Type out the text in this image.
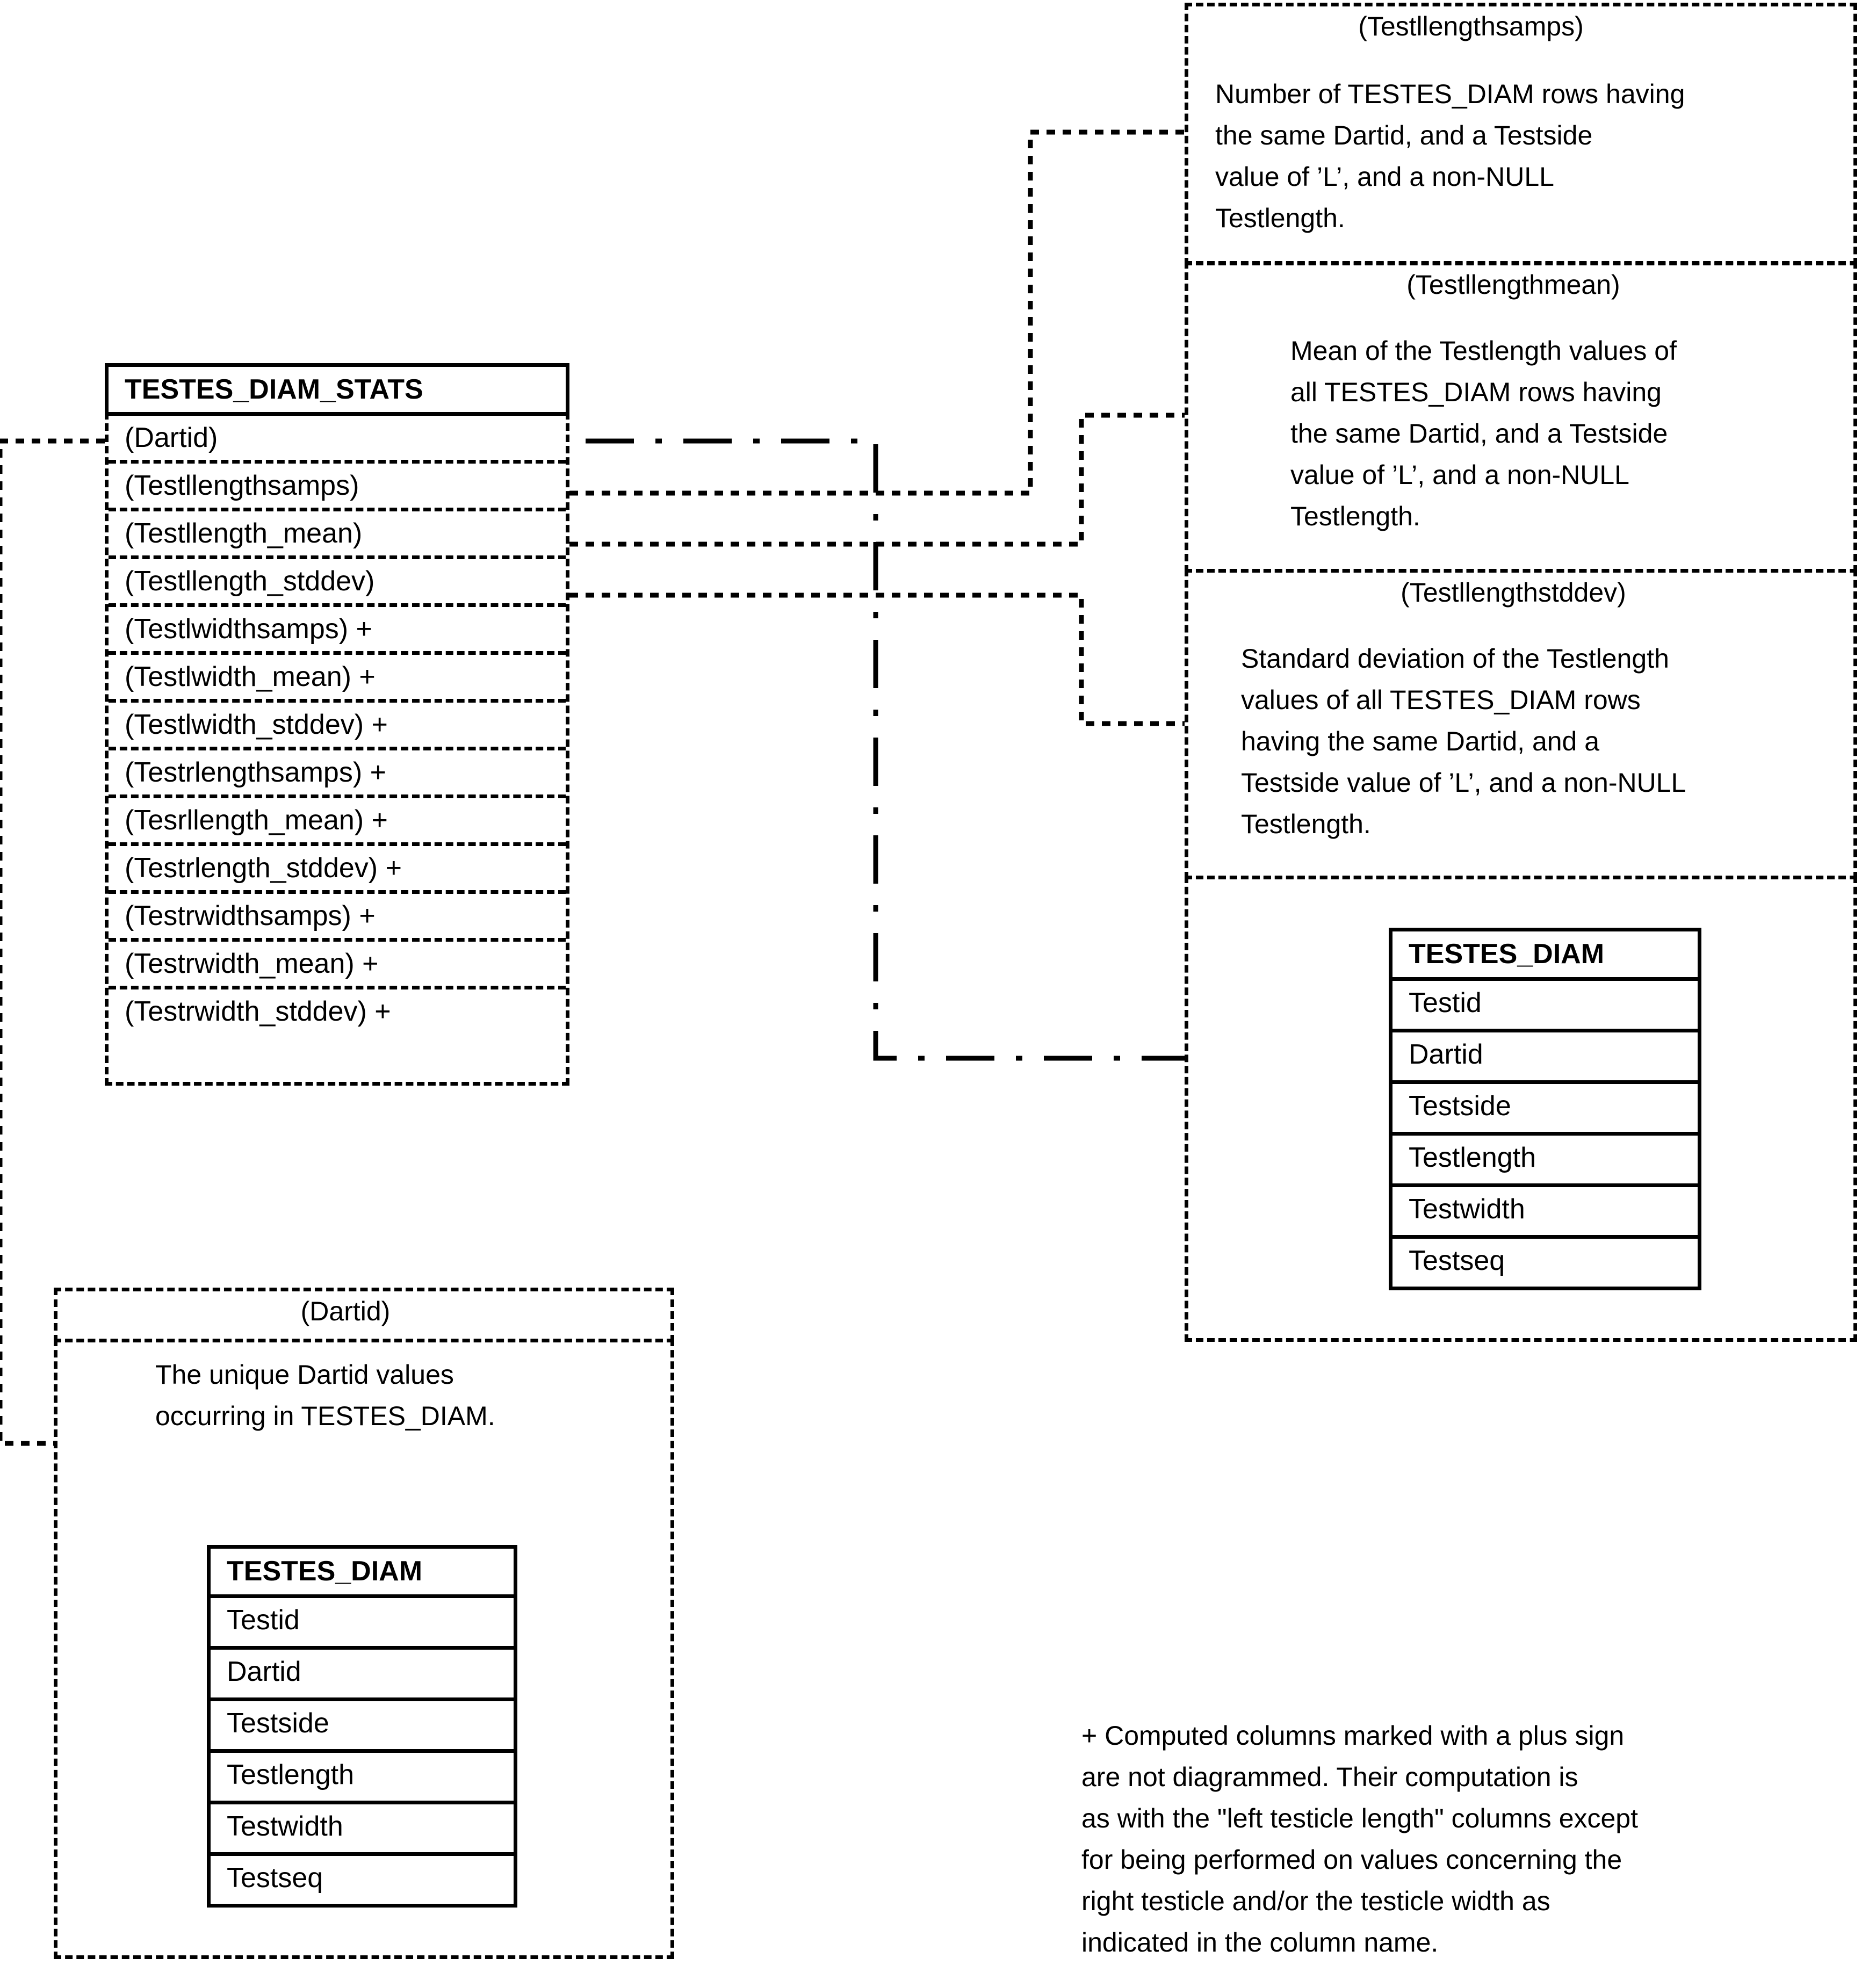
TESTES_DIAM_STATS
(Dartid)
(Testllengthsamps)
(Testllength_mean)
(Testllength_stddev)
(Testlwidthsamps) +
(Testlwidth_mean) +
(Testlwidth_stddev) +
(Testrlengthsamps) +
(Tesrllength_mean) +
(Testrlength_stddev) +
(Testrwidthsamps) +
(Testrwidth_mean) +
(Testrwidth_stddev) +
(Testllengthsamps)
Number of TESTES_DIAM rows having
the same Dartid, and a Testside
value of ’L’, and a non-NULL
Testlength.
(Testllengthmean)
Mean of the Testlength values of
all TESTES_DIAM rows having
the same Dartid, and a Testside
value of ’L’, and a non-NULL
Testlength.
(Testllengthstddev)
Standard deviation of the Testlength
values of all TESTES_DIAM rows
having the same Dartid, and a
Testside value of ’L’, and a non-NULL
Testlength.
TESTES_DIAM
Testid
Dartid
Testside
Testlength
Testwidth
Testseq
(Dartid)
The unique Dartid values
occurring in TESTES_DIAM.
TESTES_DIAM
Testid
Dartid
Testside
Testlength
Testwidth
Testseq
+ Computed columns marked with a plus sign
are not diagrammed. Their computation is
as with the "left testicle length" columns except
for being performed on values concerning the
right testicle and/or the testicle width as
indicated in the column name.
